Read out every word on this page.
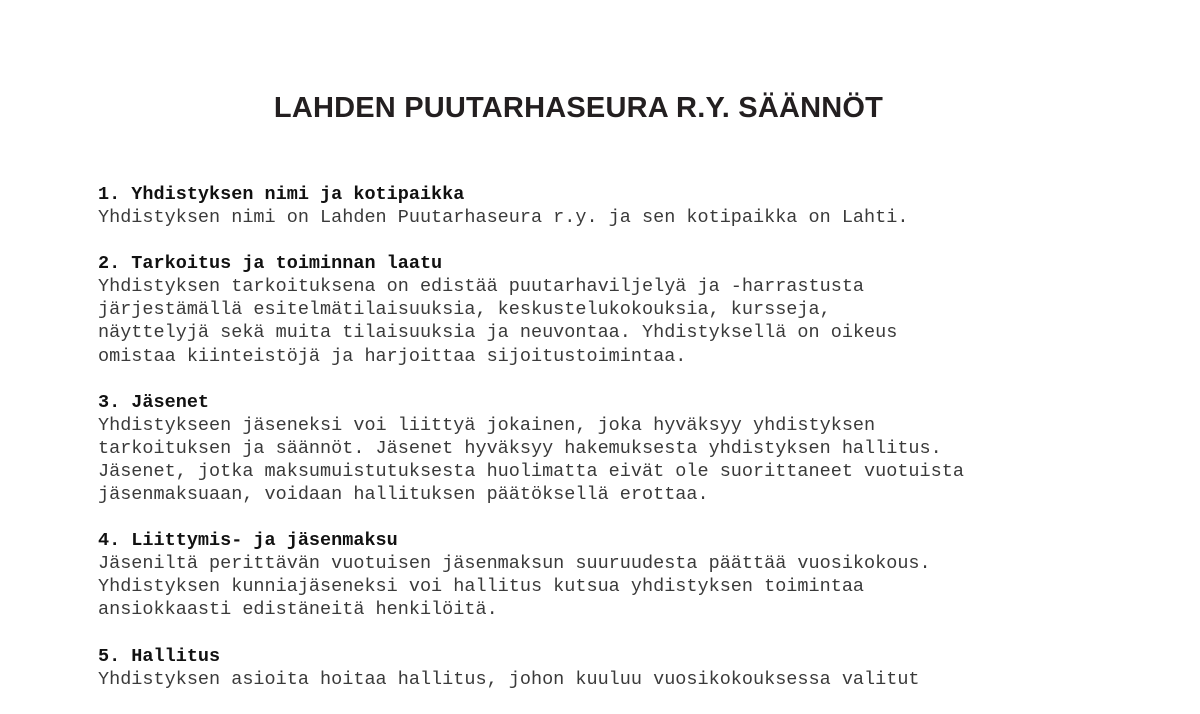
LAHDEN PUUTARHASEURA R.Y. SÄÄNNÖT
1. Yhdistyksen nimi ja kotipaikka
Yhdistyksen nimi on Lahden Puutarhaseura r.y. ja sen kotipaikka on Lahti.
2. Tarkoitus ja toiminnan laatu
Yhdistyksen tarkoituksena on edistää puutarhaviljelyä ja -harrastusta
järjestämällä esitelmätilaisuuksia, keskustelukokouksia, kursseja,
näyttelyjä sekä muita tilaisuuksia ja neuvontaa. Yhdistyksellä on oikeus
omistaa kiinteistöjä ja harjoittaa sijoitustoimintaa.
3. Jäsenet
Yhdistykseen jäseneksi voi liittyä jokainen, joka hyväksyy yhdistyksen
tarkoituksen ja säännöt. Jäsenet hyväksyy hakemuksesta yhdistyksen hallitus.
Jäsenet, jotka maksumuistutuksesta huolimatta eivät ole suorittaneet vuotuista
jäsenmaksuaan, voidaan hallituksen päätöksellä erottaa.
4. Liittymis- ja jäsenmaksu
Jäseniltä perittävän vuotuisen jäsenmaksun suuruudesta päättää vuosikokous.
Yhdistyksen kunniajäseneksi voi hallitus kutsua yhdistyksen toimintaa
ansiokkaasti edistäneitä henkilöitä.
5. Hallitus
Yhdistyksen asioita hoitaa hallitus, johon kuuluu vuosikokouksessa valitut
